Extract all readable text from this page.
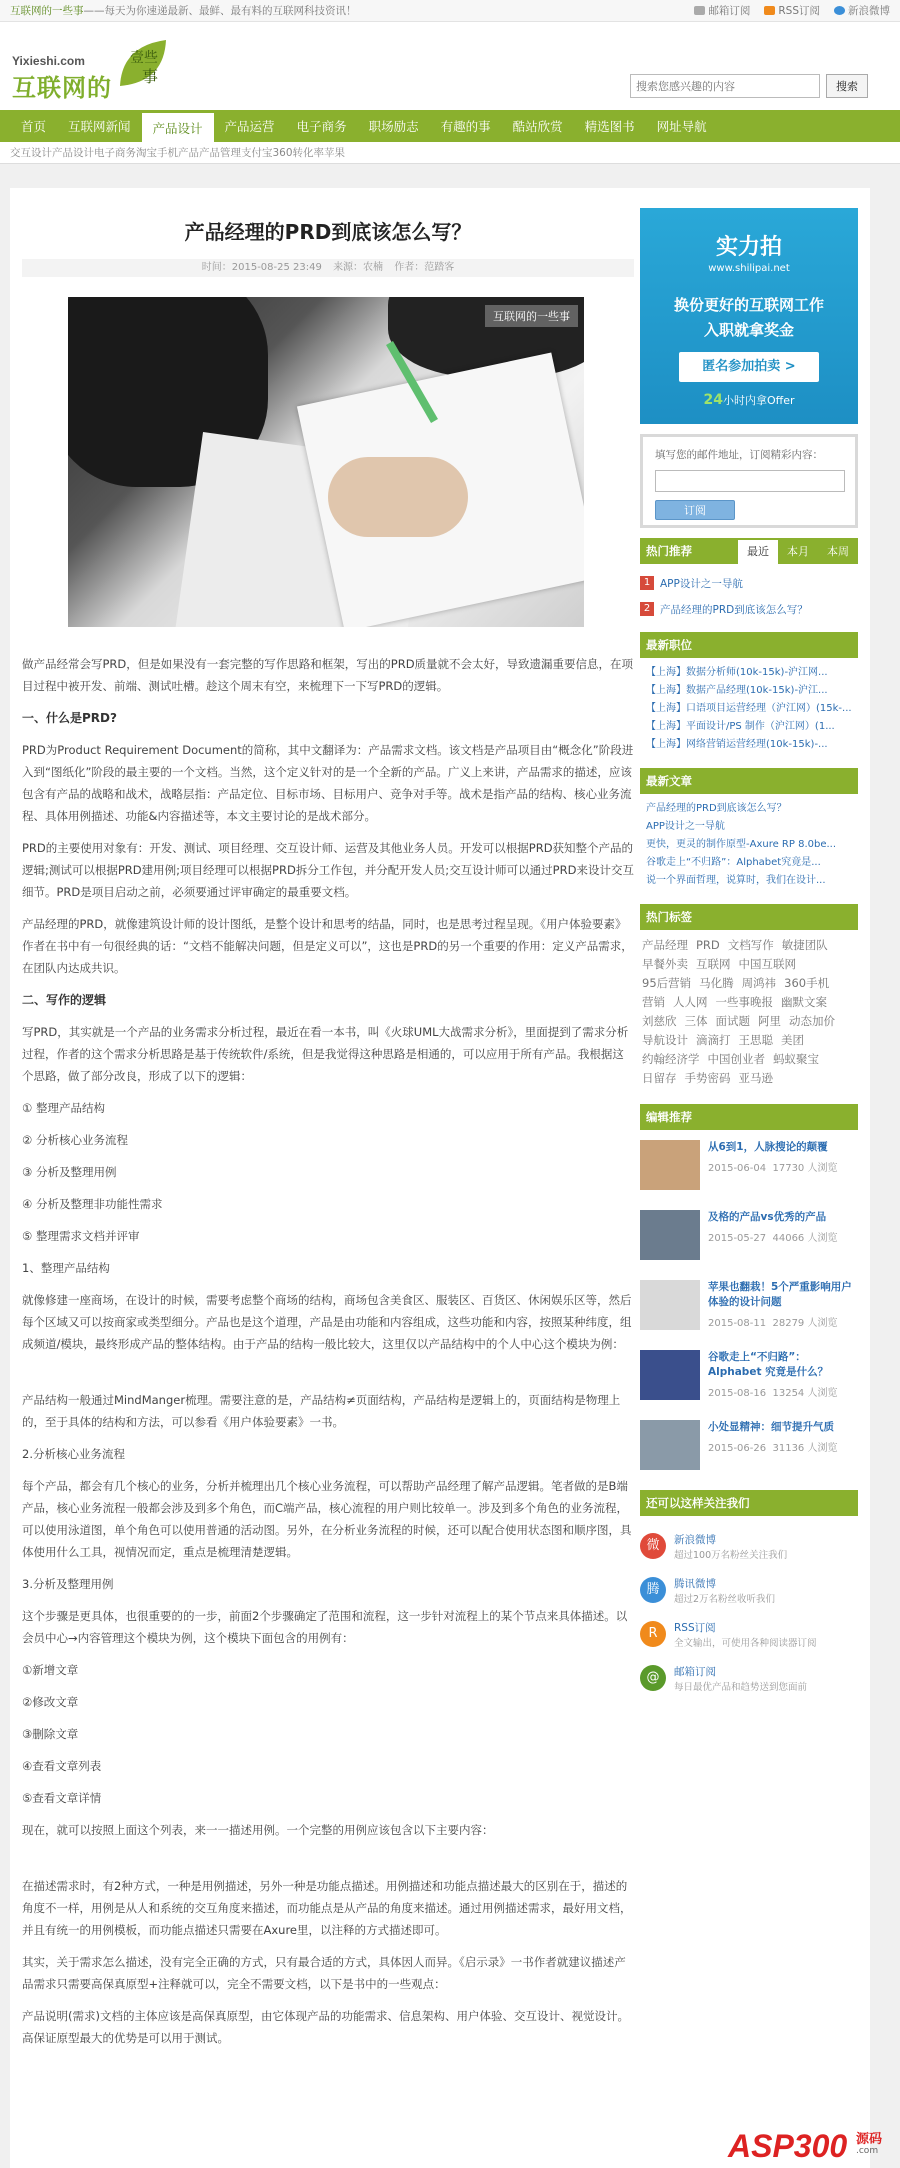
互联网的一些事——每天为你速递最新、最鲜、最有料的互联网科技资讯！	邮箱订阅	RSS订阅	新浪微博
壹些
事
Yixieshi.com
互联网的
搜索您感兴趣的内容	搜索
首页	互联网新闻	产品设计	产品运营	电子商务	职场励志	有趣的事	酷站欣赏	精选图书	网址导航
交互设计 产品设计 电子商务 淘宝 手机产品 产品管理 支付宝 360 转化率 苹果
产品经理的PRD到底该怎么写？
时间：2015-08-25 23:49 来源：农楠 作者：范踏客
互联网的一些事

做产品经常会写PRD，但是如果没有一套完整的写作思路和框架，写出的PRD质量就不会太好，导致遗漏重要信息，在项目过程中被开发、前端、测试吐槽。趁这个周末有空，来梳理下一下写PRD的逻辑。

一、什么是PRD?

PRD为Product Requirement Document的简称，其中文翻译为：产品需求文档。该文档是产品项目由“概念化”阶段进入到“图纸化”阶段的最主要的一个文档。当然，这个定义针对的是一个全新的产品。广义上来讲，产品需求的描述，应该包含有产品的战略和战术，战略层指：产品定位、目标市场、目标用户、竞争对手等。战术是指产品的结构、核心业务流程、具体用例描述、功能&内容描述等，本文主要讨论的是战术部分。

PRD的主要使用对象有：开发、测试、项目经理、交互设计师、运营及其他业务人员。开发可以根据PRD获知整个产品的逻辑;测试可以根据PRD建用例;项目经理可以根据PRD拆分工作包，并分配开发人员;交互设计师可以通过PRD来设计交互细节。PRD是项目启动之前，必须要通过评审确定的最重要文档。

产品经理的PRD，就像建筑设计师的设计图纸，是整个设计和思考的结晶，同时，也是思考过程呈现。《用户体验要素》作者在书中有一句很经典的话：“文档不能解决问题，但是定义可以”，这也是PRD的另一个重要的作用：定义产品需求，在团队内达成共识。

二、写作的逻辑

写PRD，其实就是一个产品的业务需求分析过程，最近在看一本书，叫《火球UML大战需求分析》，里面提到了需求分析过程，作者的这个需求分析思路是基于传统软件/系统，但是我觉得这种思路是相通的，可以应用于所有产品。我根据这个思路，做了部分改良，形成了以下的逻辑：

① 整理产品结构

② 分析核心业务流程

③ 分析及整理用例

④ 分析及整理非功能性需求

⑤ 整理需求文档并评审

1、整理产品结构

就像修建一座商场，在设计的时候，需要考虑整个商场的结构，商场包含美食区、服装区、百货区、休闲娱乐区等，然后每个区域又可以按商家或类型细分。产品也是这个道理，产品是由功能和内容组成，这些功能和内容，按照某种纬度，组成频道/模块，最终形成产品的整体结构。由于产品的结构一般比较大，这里仅以产品结构中的个人中心这个模块为例：

产品结构一般通过MindManger梳理。需要注意的是，产品结构≠页面结构，产品结构是逻辑上的，页面结构是物理上的，至于具体的结构和方法，可以参看《用户体验要素》一书。

2.分析核心业务流程

每个产品，都会有几个核心的业务，分析并梳理出几个核心业务流程，可以帮助产品经理了解产品逻辑。笔者做的是B端产品，核心业务流程一般都会涉及到多个角色，而C端产品，核心流程的用户则比较单一。涉及到多个角色的业务流程，可以使用泳道图，单个角色可以使用普通的活动图。另外，在分析业务流程的时候，还可以配合使用状态图和顺序图，具体使用什么工具，视情况而定，重点是梳理清楚逻辑。

3.分析及整理用例

这个步骤是更具体，也很重要的的一步，前面2个步骤确定了范围和流程，这一步针对流程上的某个节点来具体描述。以会员中心→内容管理这个模块为例，这个模块下面包含的用例有：

①新增文章

②修改文章

③删除文章

④查看文章列表

⑤查看文章详情

现在，就可以按照上面这个列表，来一一描述用例。一个完整的用例应该包含以下主要内容：

在描述需求时，有2种方式，一种是用例描述，另外一种是功能点描述。用例描述和功能点描述最大的区别在于，描述的角度不一样，用例是从人和系统的交互角度来描述，而功能点是从产品的角度来描述。通过用例描述需求，最好用文档，并且有统一的用例模板，而功能点描述只需要在Axure里，以注释的方式描述即可。

其实，关于需求怎么描述，没有完全正确的方式，只有最合适的方式，具体因人而异。《启示录》一书作者就建议描述产品需求只需要高保真原型+注释就可以，完全不需要文档，以下是书中的一些观点：

产品说明(需求)文档的主体应该是高保真原型，由它体现产品的功能需求、信息架构、用户体验、交互设计、视觉设计。高保证原型最大的优势是可以用于测试。

实力拍
www.shilipai.net
换份更好的互联网工作
入职就拿奖金
匿名参加拍卖 >
24小时内拿Offer
填写您的邮件地址，订阅精彩内容：
订阅
热门推荐	最近	本月	本周
1 APP设计之一导航
2 产品经理的PRD到底该怎么写？
最新职位
【上海】数据分析师(10k-15k)-沪江网...
【上海】数据产品经理(10k-15k)-沪江...
【上海】口语项目运营经理（沪江网）(15k-...
【上海】平面设计/PS 制作（沪江网）(1...
【上海】网络营销运营经理(10k-15k)-...
最新文章
产品经理的PRD到底该怎么写？
APP设计之一导航
更快，更灵的制作原型-Axure RP 8.0be...
谷歌走上“不归路”：Alphabet究竟是...
说一个界面哲理，说算时，我们在设计...
热门标签
产品经理 PRD 文档写作 敏捷团队早餐外卖 互联网 中国互联网95后营销 马化腾 周鸿祎 360手机营销 人人网 一些事晚报 幽默文案刘慈欣 三体 面试题 阿里 动态加价导航设计 滴滴打 王思聪 美团约翰经济学 中国创业者 蚂蚁聚宝日留存 手势密码 亚马逊
编辑推荐
从6到1，人脉搜论的颠覆
2015-06-04 17730 人浏览
及格的产品vs优秀的产品
2015-05-27 44066 人浏览
苹果也翻栽！5个严重影响用户体验的设计问题
2015-08-11 28279 人浏览
谷歌走上“不归路”：Alphabet 究竟是什么？
2015-08-16 13254 人浏览
小处显精神：细节提升气质
2015-06-26 31136 人浏览
还可以这样关注我们
微	新浪微博
超过100万名粉丝关注我们
腾	腾讯微博
超过2万名粉丝收听我们
R	RSS订阅
全文输出，可使用各种阅读器订阅
@	邮箱订阅
每日最优产品和趋势送到您面前
ASP300 源码
.com
